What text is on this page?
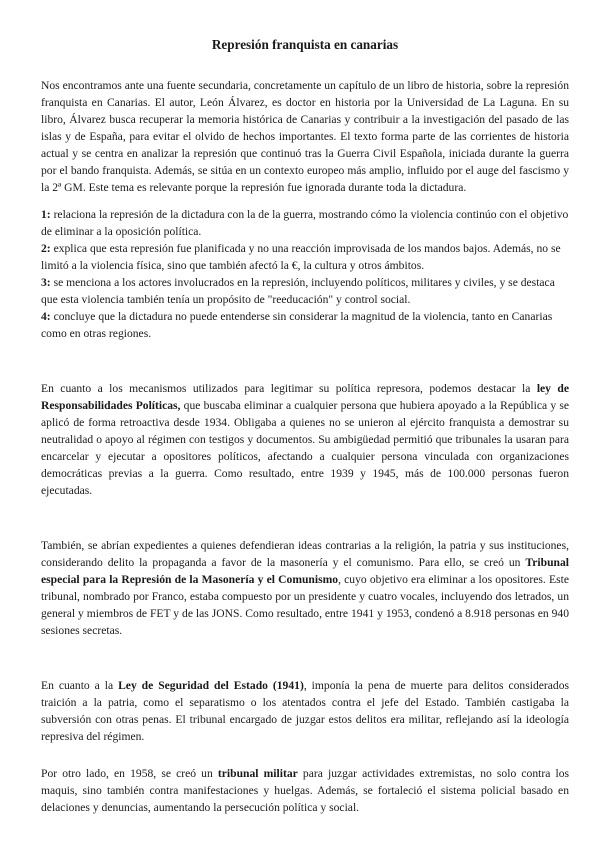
Represión franquista en canarias

Nos encontramos ante una fuente secundaria, concretamente un capítulo de un libro de historia, sobre la represión franquista en Canarias. El autor, León Álvarez, es doctor en historia por la Universidad de La Laguna. En su libro, Álvarez busca recuperar la memoria histórica de Canarias y contribuir a la investigación del pasado de las islas y de España, para evitar el olvido de hechos importantes. El texto forma parte de las corrientes de historia actual y se centra en analizar la represión que continuó tras la Guerra Civil Española, iniciada durante la guerra por el bando franquista. Además, se sitúa en un contexto europeo más amplio, influido por el auge del fascismo y la 2ª GM. Este tema es relevante porque la represión fue ignorada durante toda la dictadura.

1: relaciona la represión de la dictadura con la de la guerra, mostrando cómo la violencia continúo con el objetivo de eliminar a la oposición política.

2: explica que esta represión fue planificada y no una reacción improvisada de los mandos bajos. Además, no se limitó a la violencia física, sino que también afectó la €, la cultura y otros ámbitos.

3: se menciona a los actores involucrados en la represión, incluyendo políticos, militares y civiles, y se destaca que esta violencia también tenía un propósito de "reeducación" y control social.

4: concluye que la dictadura no puede entenderse sin considerar la magnitud de la violencia, tanto en Canarias como en otras regiones.

En cuanto a los mecanismos utilizados para legitimar su política represora, podemos destacar la ley de Responsabilidades Políticas, que buscaba eliminar a cualquier persona que hubiera apoyado a la República y se aplicó de forma retroactiva desde 1934. Obligaba a quienes no se unieron al ejército franquista a demostrar su neutralidad o apoyo al régimen con testigos y documentos. Su ambigüedad permitió que tribunales la usaran para encarcelar y ejecutar a opositores políticos, afectando a cualquier persona vinculada con organizaciones democráticas previas a la guerra. Como resultado, entre 1939 y 1945, más de 100.000 personas fueron ejecutadas.

También, se abrían expedientes a quienes defendieran ideas contrarias a la religión, la patria y sus instituciones, considerando delito la propaganda a favor de la masonería y el comunismo. Para ello, se creó un Tribunal especial para la Represión de la Masonería y el Comunismo, cuyo objetivo era eliminar a los opositores. Este tribunal, nombrado por Franco, estaba compuesto por un presidente y cuatro vocales, incluyendo dos letrados, un general y miembros de FET y de las JONS. Como resultado, entre 1941 y 1953, condenó a 8.918 personas en 940 sesiones secretas.

En cuanto a la Ley de Seguridad del Estado (1941), imponía la pena de muerte para delitos considerados traición a la patria, como el separatismo o los atentados contra el jefe del Estado. También castigaba la subversión con otras penas. El tribunal encargado de juzgar estos delitos era militar, reflejando así la ideología represiva del régimen.

Por otro lado, en 1958, se creó un tribunal militar para juzgar actividades extremistas, no solo contra los maquis, sino también contra manifestaciones y huelgas. Además, se fortaleció el sistema policial basado en delaciones y denuncias, aumentando la persecución política y social.
